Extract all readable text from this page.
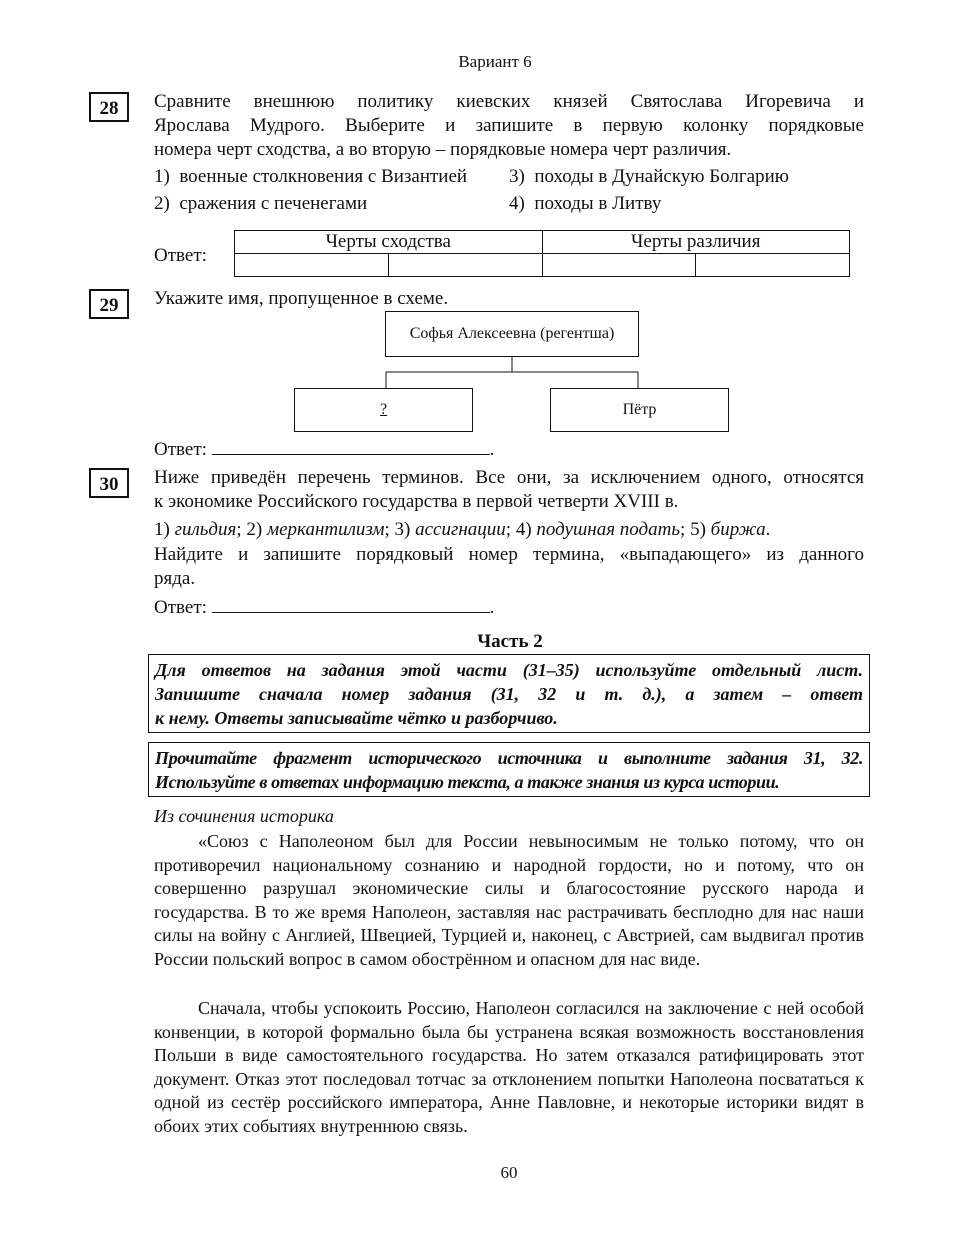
Вариант 6
28	Сравните внешнюю политику киевских князей Святослава Игоревича и
Ярослава Мудрого. Выберите и запишите в первую колонку порядковые
номера черт сходства, а во вторую – порядковые номера черт различия.
1) военные столкновения с Византией
2) сражения с печенегами
3) походы в Дунайскую Болгарию
4) походы в Литву
Ответ:
Черты сходства		Черты различия	

29	Укажите имя, пропущенное в схеме.
Софья Алексеевна (регентша)
?	Пётр
Ответ:	.
30	Ниже приведён перечень терминов. Все они, за исключением одного, относятся
к экономике Российского государства в первой четверти XVIII в.
1) гильдия; 2) меркантилизм; 3) ассигнации; 4) подушная подать; 5) биржа.
Найдите и запишите порядковый номер термина, «выпадающего» из данного
ряда.
Ответ:	.
Часть 2
Для ответов на задания этой части (31–35) используйте отдельный лист.
Запишите сначала номер задания (31, 32 и т. д.), а затем – ответ
к нему. Ответы записывайте чётко и разборчиво.
Прочитайте фрагмент исторического источника и выполните задания 31, 32.
Используйте в ответах информацию текста, а также знания из курса истории.
Из сочинения историка
«Союз с Наполеоном был для России невыносимым не только потому, что он противоречил национальному сознанию и народной гордости, но и потому, что он совершенно разрушал экономические силы и благосостояние русского народа и государства. В то же время Наполеон, заставляя нас растрачивать бесплодно для нас наши силы на войну с Англией, Швецией, Турцией и, наконец, с Австрией, сам выдвигал против России польский вопрос в самом обострённом и опасном для нас виде.
Сначала, чтобы успокоить Россию, Наполеон согласился на заключение с ней особой конвенции, в которой формально была бы устранена всякая возможность восстановления Польши в виде самостоятельного государства. Но затем отказался ратифицировать этот документ. Отказ этот последовал тотчас за отклонением попытки Наполеона посвататься к одной из сестёр российского императора, Анне Павловне, и некоторые историки видят в обоих этих событиях внутреннюю связь.
60
